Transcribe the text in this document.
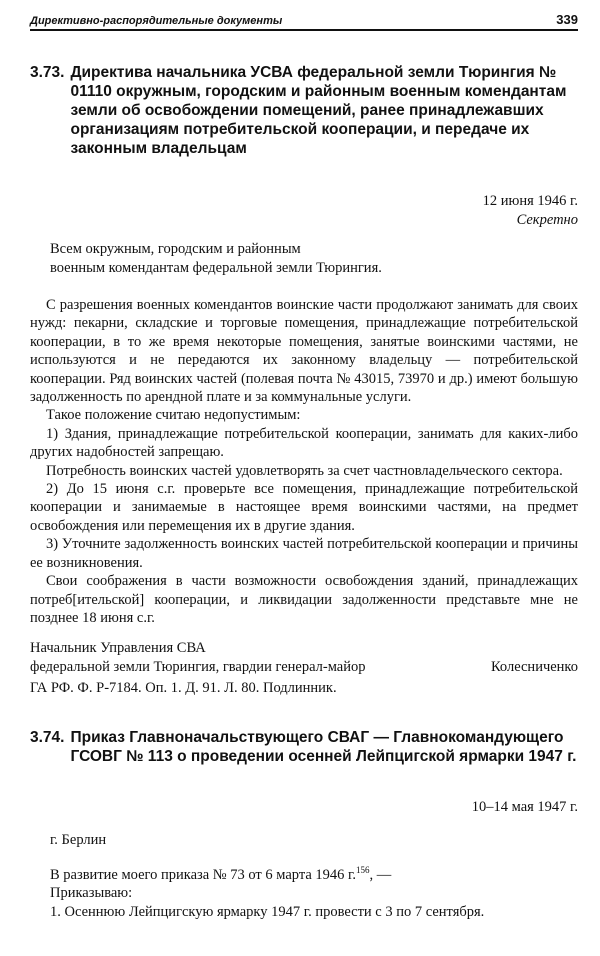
Директивно-распорядительные документы	339
3.73. Директива начальника УСВА федеральной земли Тюрингия № 01110 окружным, городским и районным военным комендантам земли об освобождении помещений, ранее принадлежавших организациям потребительской кооперации, и передаче их законным владельцам
12 июня 1946 г.
Секретно
Всем окружным, городским и районным
военным комендантам федеральной земли Тюрингия.
С разрешения военных комендантов воинские части продолжают занимать для своих нужд: пекарни, складские и торговые помещения, принадлежащие потребительской кооперации, в то же время некоторые помещения, занятые воинскими частями, не используются и не передаются их законному владельцу — потребительской кооперации. Ряд воинских частей (полевая почта № 43015, 73970 и др.) имеют большую задолженность по арендной плате и за коммунальные услуги.
Такое положение считаю недопустимым:
1) Здания, принадлежащие потребительской кооперации, занимать для каких-либо других надобностей запрещаю.
Потребность воинских частей удовлетворять за счет частновладельческого сектора.
2) До 15 июня с.г. проверьте все помещения, принадлежащие потребительской кооперации и занимаемые в настоящее время воинскими частями, на предмет освобождения или перемещения их в другие здания.
3) Уточните задолженность воинских частей потребительской кооперации и причины ее возникновения.
Свои соображения в части возможности освобождения зданий, принадлежащих потреб[ительской] кооперации, и ликвидации задолженности представьте мне не позднее 18 июня с.г.
Начальник Управления СВА
федеральной земли Тюрингия, гвардии генерал-майор	Колесниченко
ГА РФ. Ф. Р-7184. Оп. 1. Д. 91. Л. 80. Подлинник.
3.74. Приказ Главноначальствующего СВАГ — Главнокомандующего ГСОВГ № 113 о проведении осенней Лейпцигской ярмарки 1947 г.
10–14 мая 1947 г.
г. Берлин
В развитие моего приказа № 73 от 6 марта 1946 г.$^{156}$, —
Приказываю:
1. Осеннюю Лейпцигскую ярмарку 1947 г. провести с 3 по 7 сентября.
